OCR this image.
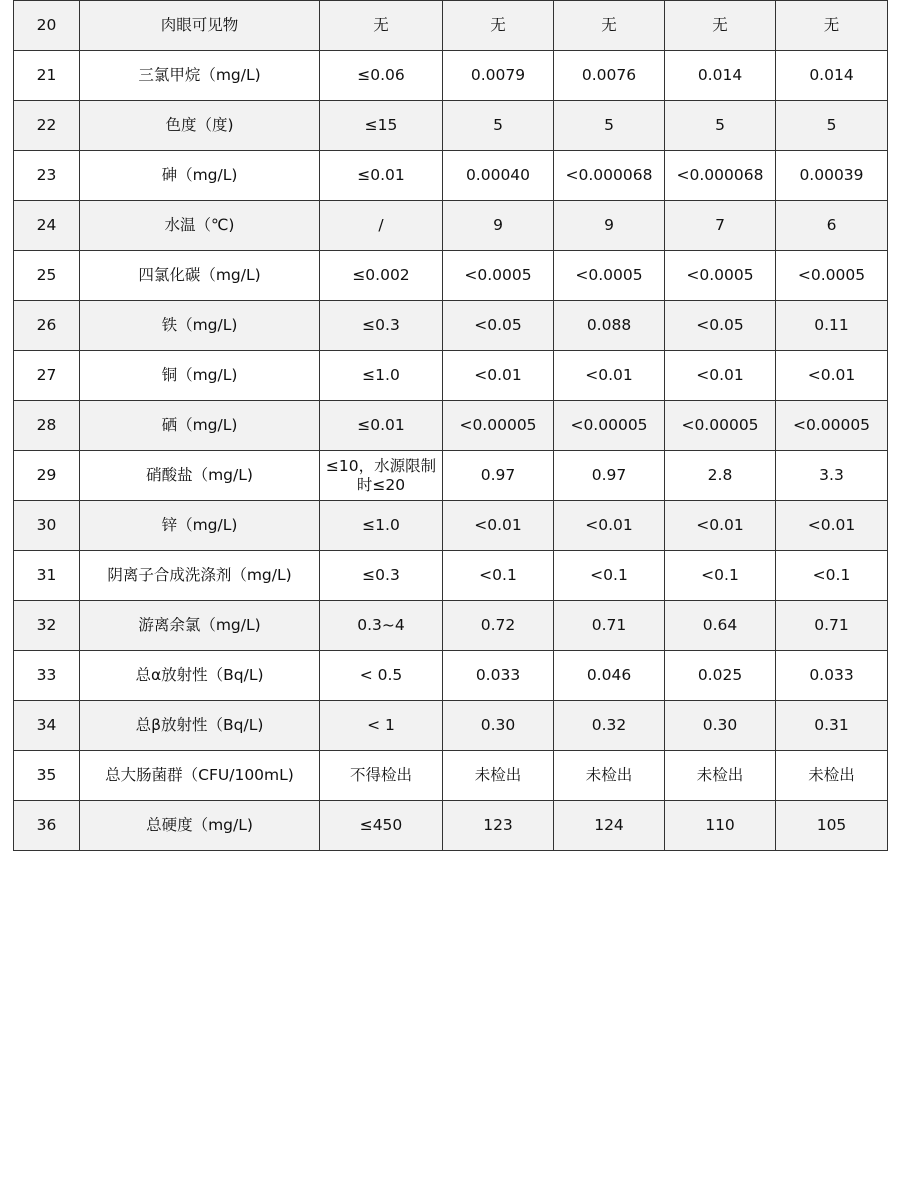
20	肉眼可见物	无	无	无	无	无
21	三氯甲烷（mg/L)	≤0.06	0.0079	0.0076	0.014	0.014
22	色度（度)	≤15	5	5	5	5
23	砷（mg/L)	≤0.01	0.00040	<0.000068	<0.000068	0.00039
24	水温（℃)	/	9	9	7	6
25	四氯化碳（mg/L)	≤0.002	<0.0005	<0.0005	<0.0005	<0.0005
26	铁（mg/L)	≤0.3	<0.05	0.088	<0.05	0.11
27	铜（mg/L)	≤1.0	<0.01	<0.01	<0.01	<0.01
28	硒（mg/L)	≤0.01	<0.00005	<0.00005	<0.00005	<0.00005
29	硝酸盐（mg/L)	≤10，水源限制时≤20	0.97	0.97	2.8	3.3
30	锌（mg/L)	≤1.0	<0.01	<0.01	<0.01	<0.01
31	阴离子合成洗涤剂（mg/L)	≤0.3	<0.1	<0.1	<0.1	<0.1
32	游离余氯（mg/L)	0.3~4	0.72	0.71	0.64	0.71
33	总α放射性（Bq/L)	< 0.5	0.033	0.046	0.025	0.033
34	总β放射性（Bq/L)	< 1	0.30	0.32	0.30	0.31
35	总大肠菌群（CFU/100mL)	不得检出	未检出	未检出	未检出	未检出
36	总硬度（mg/L)	≤450	123	124	110	105
